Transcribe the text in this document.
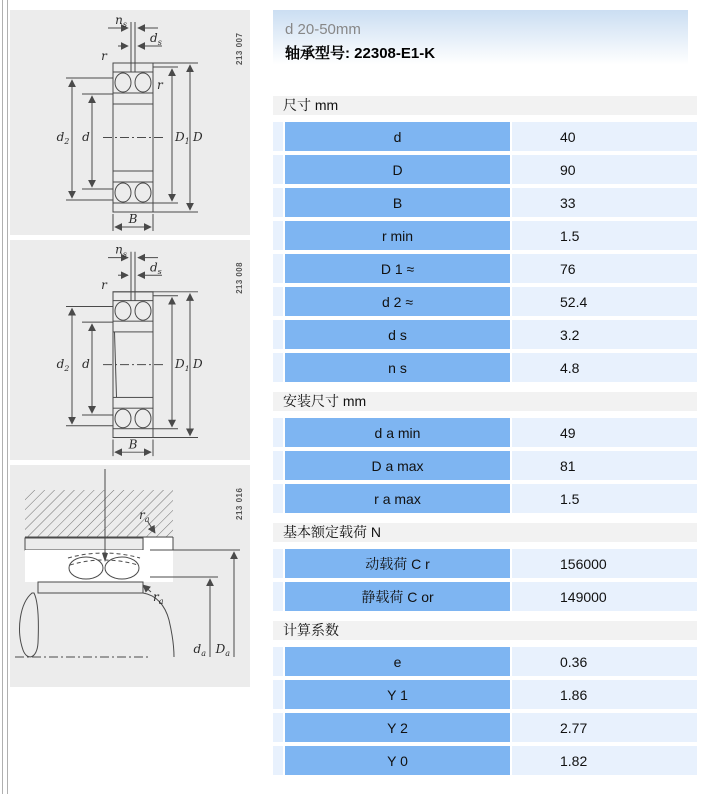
$n_s$
$d_s$
r
r
$d_2$ d	$D_1$ D
B
213 007
$n_s$
$d_s$
r
$d_2$ d	$D_1$ D
B
213 008
$r_a$
$r_a$
$d_a$ $D_a$
213 016
d 20-50mm
轴承型号: 22308-E1-K
尺寸 mm
d	40
D	90
B	33
r min	1.5
D 1 ≈	76
d 2 ≈	52.4
d s	3.2
n s	4.8
安装尺寸 mm
d a min	49
D a max	81
r a max	1.5
基本额定载荷 N
动载荷 C r	156000
静载荷 C or	149000
计算系数
e	0.36
Y 1	1.86
Y 2	2.77
Y 0	1.82
